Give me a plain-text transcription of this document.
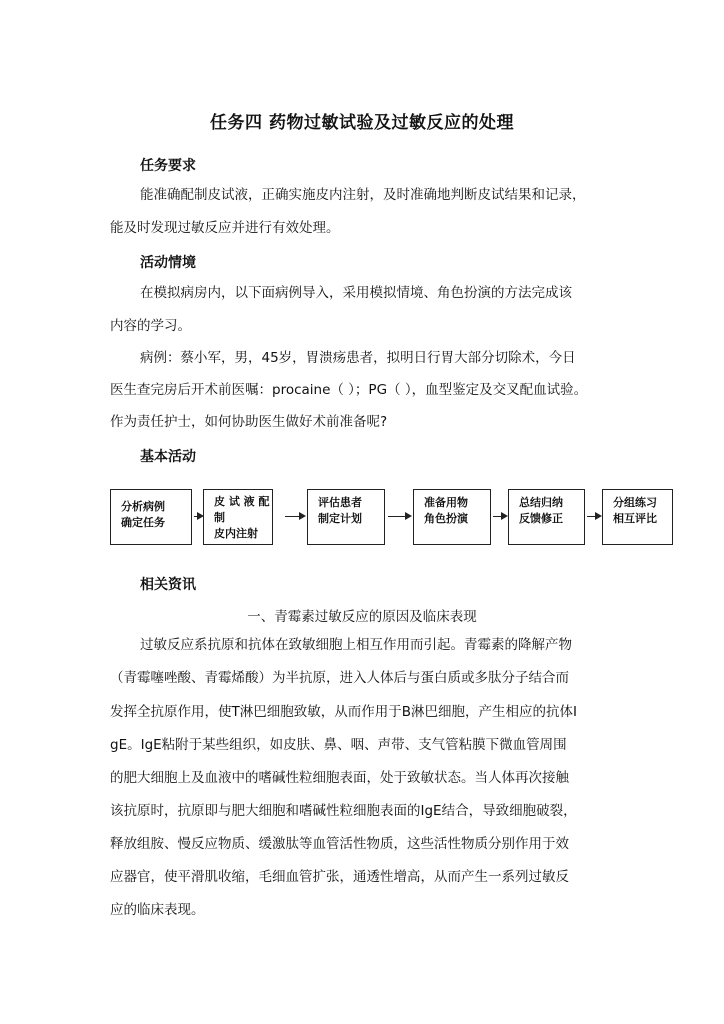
任务四 药物过敏试验及过敏反应的处理
任务要求
能准确配制皮试液，正确实施皮内注射，及时准确地判断皮试结果和记录，
能及时发现过敏反应并进行有效处理。
活动情境
在模拟病房内，以下面病例导入，采用模拟情境、角色扮演的方法完成该
内容的学习。
病例：蔡小军，男，45岁，胃溃疡患者，拟明日行胃大部分切除术，今日
医生查完房后开术前医嘱：procaine（ ）；PG（ ），血型鉴定及交叉配血试验。
作为责任护士，如何协助医生做好术前准备呢?
基本活动
分析病例
确定任务
皮 试 液 配
制
皮内注射
评估患者
制定计划
准备用物
角色扮演
总结归纳
反馈修正
分组练习
相互评比
相关资讯
一、青霉素过敏反应的原因及临床表现
过敏反应系抗原和抗体在致敏细胞上相互作用而引起。青霉素的降解产物
（青霉噻唑酸、青霉烯酸）为半抗原，进入人体后与蛋白质或多肽分子结合而
发挥全抗原作用，使T淋巴细胞致敏，从而作用于B淋巴细胞，产生相应的抗体I
gE。IgE粘附于某些组织，如皮肤、鼻、咽、声带、支气管粘膜下微血管周围
的肥大细胞上及血液中的嗜碱性粒细胞表面，处于致敏状态。当人体再次接触
该抗原时，抗原即与肥大细胞和嗜碱性粒细胞表面的IgE结合，导致细胞破裂，
释放组胺、慢反应物质、缓激肽等血管活性物质，这些活性物质分别作用于效
应器官，使平滑肌收缩，毛细血管扩张，通透性增高，从而产生一系列过敏反
应的临床表现。
